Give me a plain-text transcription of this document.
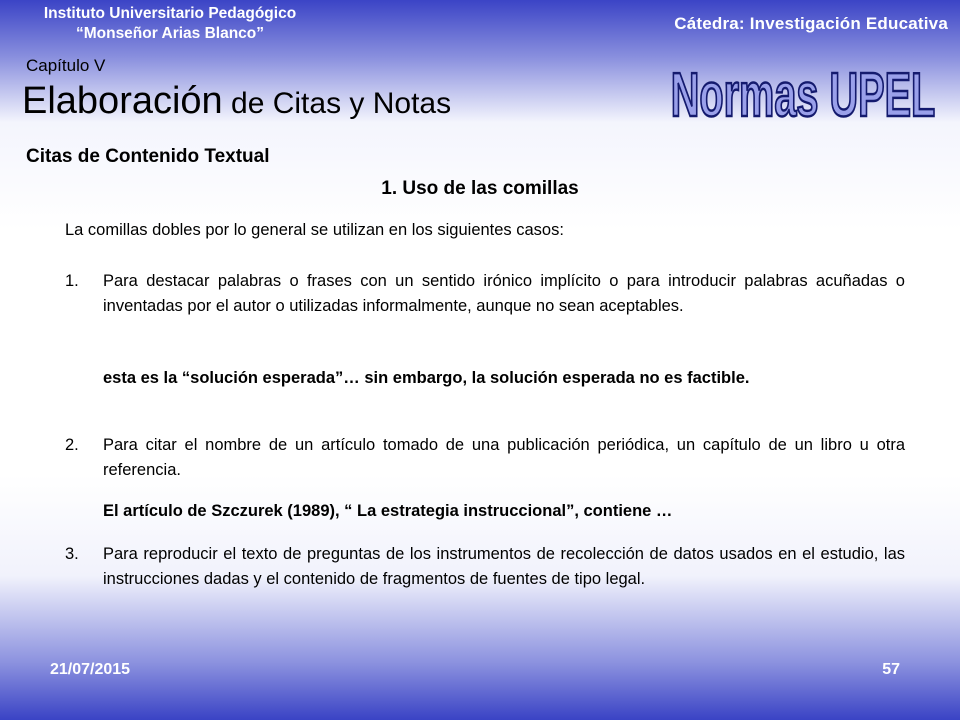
Instituto Universitario Pedagógico
“Monseñor Arias Blanco”
Cátedra: Investigación Educativa
Capítulo V
Elaboración de Citas y Notas	Normas UPEL
Citas de Contenido Textual
1. Uso de las comillas
La comillas dobles por lo general se utilizan en los siguientes casos:
1. Para destacar palabras o frases con un sentido irónico implícito o para introducir palabras acuñadas o inventadas por el autor o utilizadas informalmente, aunque no sean aceptables.
esta es la “solución esperada”… sin embargo, la solución esperada no es factible.
2. Para citar el nombre de un artículo tomado de una publicación periódica, un capítulo de un libro u otra referencia.
El artículo de Szczurek (1989), “ La estrategia instruccional”, contiene …
3. Para reproducir el texto de preguntas de los instrumentos de recolección de datos usados en el estudio, las instrucciones dadas y el contenido de fragmentos de fuentes de tipo legal.
21/07/2015	57
